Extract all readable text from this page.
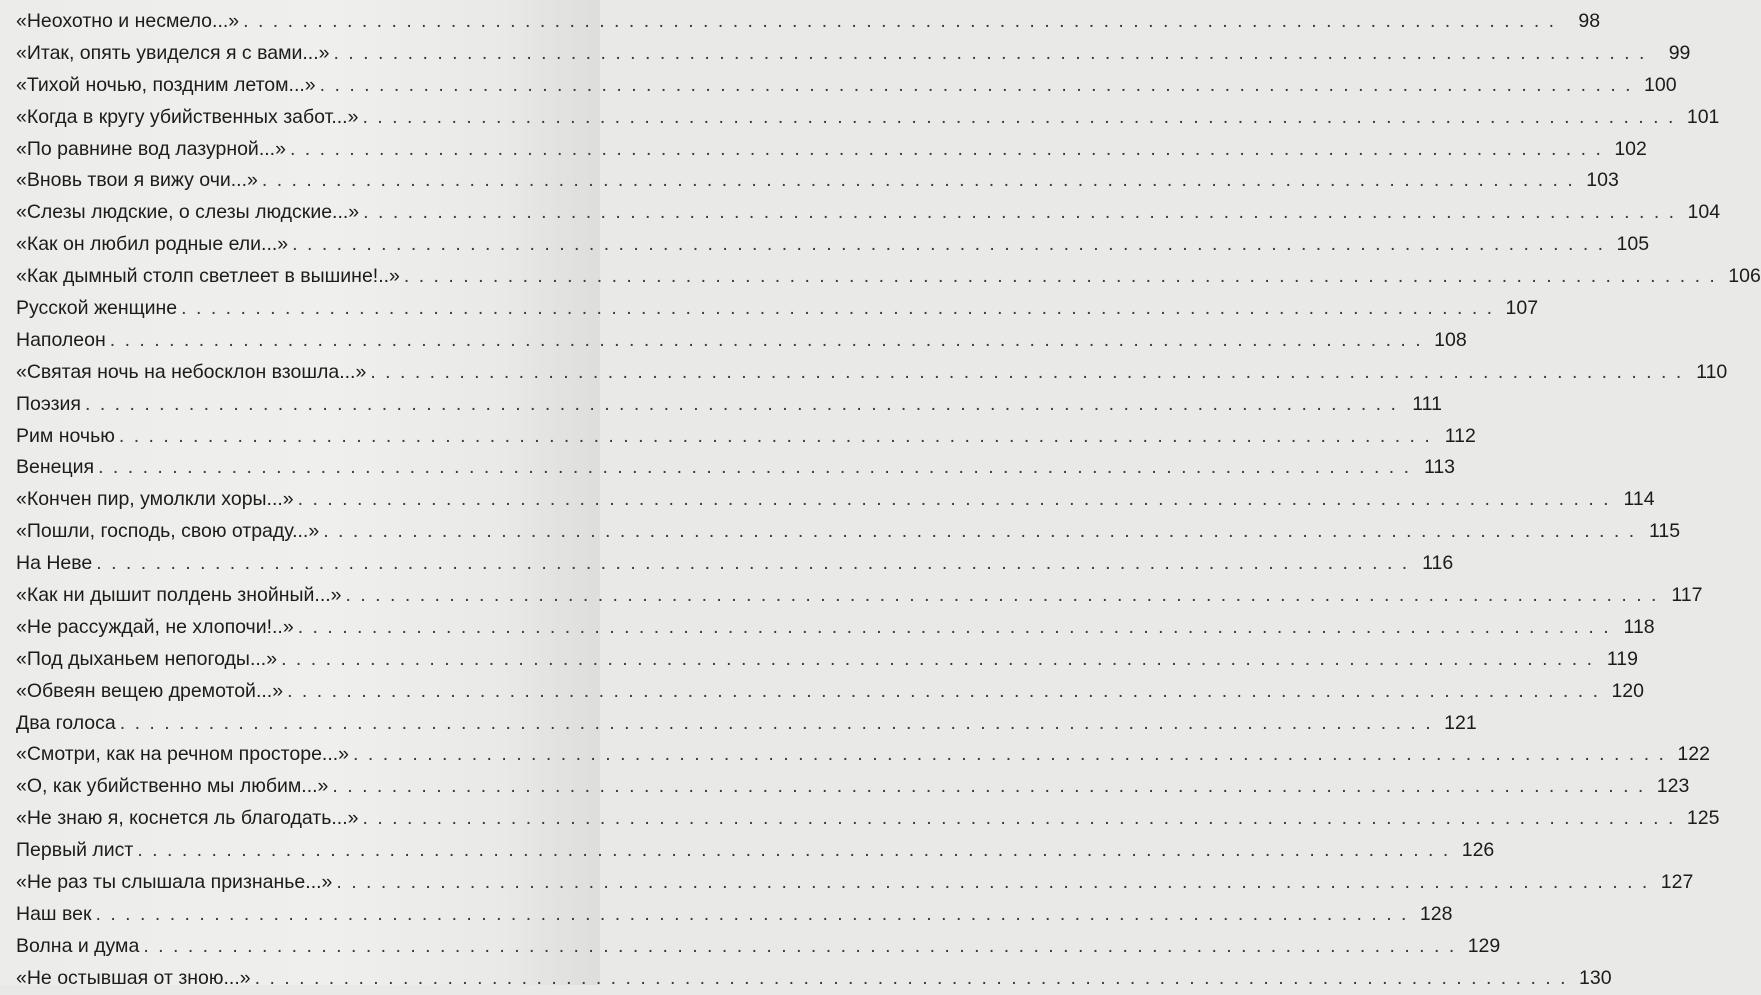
«Неохотно и несмело...» . . .	98
«Итак, опять увиделся я с вами...» . . .	99
«Тихой ночью, поздним летом...» . . .	100
«Когда в кругу убийственных забот...» . . .	101
«По равнине вод лазурной...» . . .	102
«Вновь твои я вижу очи...» . . .	103
«Слезы людские, о слезы людские...» . . .	104
«Как он любил родные ели...» . . .	105
«Как дымный столп светлеет в вышине!..» . . .	106
Русской женщине . . .	107
Наполеон . . .	108
«Святая ночь на небосклон взошла...» . . .	110
Поэзия . . .	111
Рим ночью . . .	112
Венеция . . .	113
«Кончен пир, умолкли хоры...» . . .	114
«Пошли, господь, свою отраду...» . . .	115
На Неве . . .	116
«Как ни дышит полдень знойный...» . . .	117
«Не рассуждай, не хлопочи!..» . . .	118
«Под дыханьем непогоды...» . . .	119
«Обвеян вещею дремотой...» . . .	120
Два голоса . . .	121
«Смотри, как на речном просторе...» . . .	122
«О, как убийственно мы любим...» . . .	123
«Не знаю я, коснется ль благодать...» . . .	125
Первый лист . . .	126
«Не раз ты слышала признанье...» . . .	127
Наш век . . .	128
Волна и дума . . .	129
«Не остывшая от зною...» . . .	130
